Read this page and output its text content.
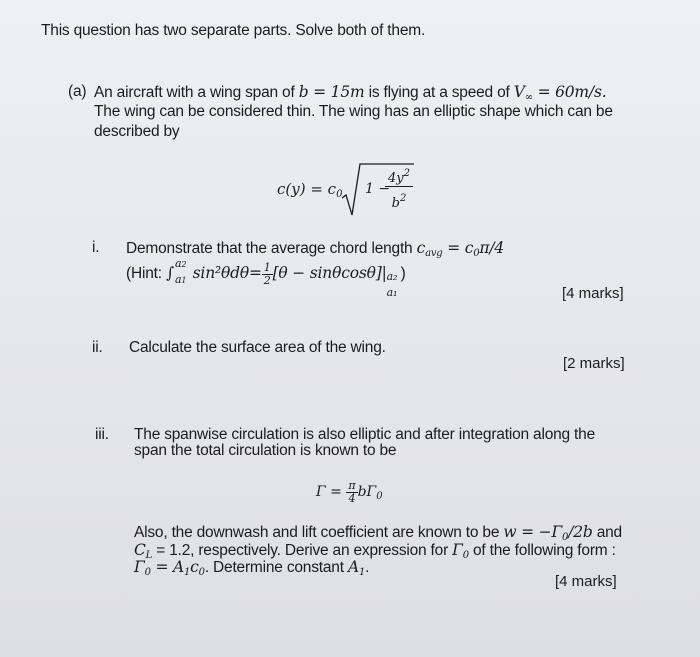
This question has two separate parts. Solve both of them.
(a) An aircraft with a wing span of b = 15m is flying at a speed of $V_\infty = 60m/s$.
The wing can be considered thin. The wing has an elliptic shape which can be
described by
$c(y) = c_0$ 1 −
$4y^2$
$b^2$
i. Demonstrate that the average chord length $c_{avg} = c_0\pi/4$
(Hint: ∫
a2
a1 $\sin^2\theta d\theta= \frac{1}{2} [\theta - \sin\theta\cos\theta]|$ a₂
a₁
)
[4 marks]
ii. Calculate the surface area of the wing.
[2 marks]
iii. The spanwise circulation is also elliptic and after integration along the
span the total circulation is known to be
$\Gamma = \frac{\pi}{4} b\Gamma_0$
Also, the downwash and lift coefficient are known to be $w = -\Gamma_0/2b$ and
$C_L = 1.2$, respectively. Derive an expression for $\Gamma_0$ of the following form :
$\Gamma_0 = A_1c_0$. Determine constant $A_1$.
[4 marks]
